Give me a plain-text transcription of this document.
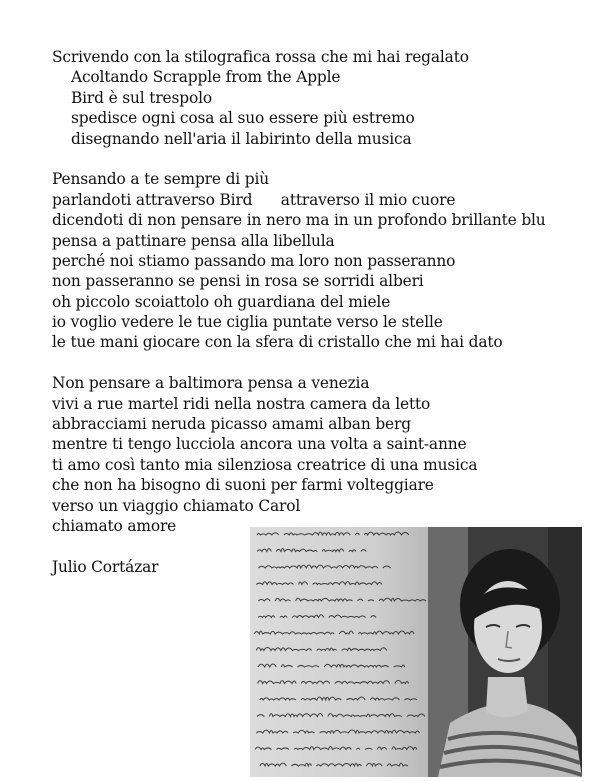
Scrivendo con la stilografica rossa che mi hai regalato
Acoltando Scrapple from the Apple
Bird è sul trespolo
spedisce ogni cosa al suo essere più estremo
disegnando nell'aria il labirinto della musica
Pensando a te sempre di più
parlandoti attraverso Bird      attraverso il mio cuore
dicendoti di non pensare in nero ma in un profondo brillante blu
pensa a pattinare pensa alla libellula
perché noi stiamo passando ma loro non passeranno
non passeranno se pensi in rosa se sorridi alberi
oh piccolo scoiattolo oh guardiana del miele
io voglio vedere le tue ciglia puntate verso le stelle
le tue mani giocare con la sfera di cristallo che mi hai dato
Non pensare a baltimora pensa a venezia
vivi a rue martel ridi nella nostra camera da letto
abbracciami neruda picasso amami alban berg
mentre ti tengo lucciola ancora una volta a saint-anne
ti amo così tanto mia silenziosa creatrice di una musica
che non ha bisogno di suoni per farmi volteggiare
verso un viaggio chiamato Carol
chiamato amore
Julio Cortázar
